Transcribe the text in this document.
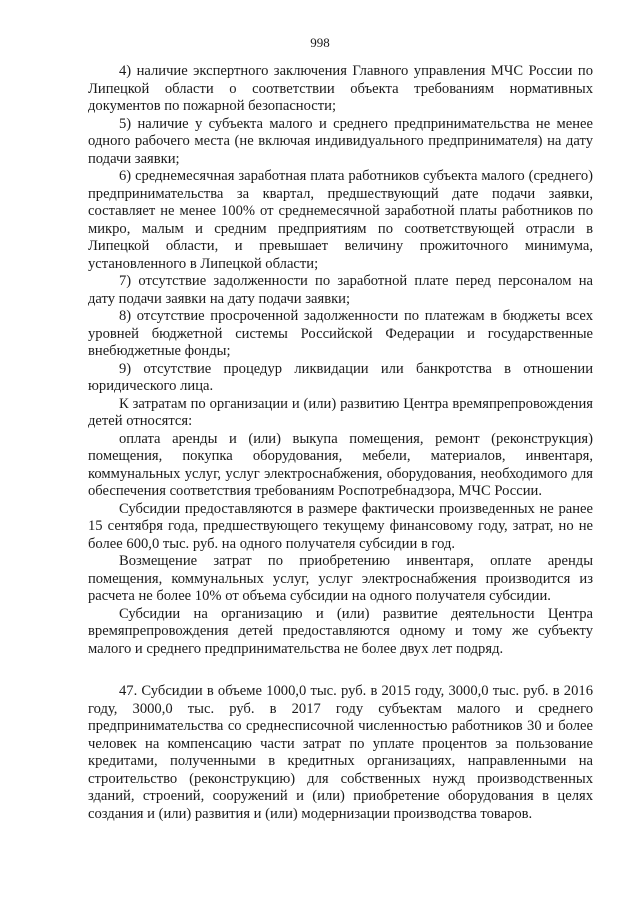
998

4) наличие экспертного заключения Главного управления МЧС России по Липецкой области о соответствии объекта требованиям нормативных документов по пожарной безопасности;

5) наличие у субъекта малого и среднего предпринимательства не менее одного рабочего места (не включая индивидуального предпринимателя) на дату подачи заявки;

6) среднемесячная заработная плата работников субъекта малого (среднего) предпринимательства за квартал, предшествующий дате подачи заявки, составляет не менее 100% от среднемесячной заработной платы работников по микро, малым и средним предприятиям по соответствующей отрасли в Липецкой области, и превышает величину прожиточного минимума, установленного в Липецкой области;

7) отсутствие задолженности по заработной плате перед персоналом на дату подачи заявки на дату подачи заявки;

8) отсутствие просроченной задолженности по платежам в бюджеты всех уровней бюджетной системы Российской Федерации и государственные внебюджетные фонды;

9) отсутствие процедур ликвидации или банкротства в отношении юридического лица.

К затратам по организации и (или) развитию Центра времяпрепровождения детей относятся:

оплата аренды и (или) выкупа помещения, ремонт (реконструкция) помещения, покупка оборудования, мебели, материалов, инвентаря, коммунальных услуг, услуг электроснабжения, оборудования, необходимого для обеспечения соответствия требованиям Роспотребнадзора, МЧС России.

Субсидии предоставляются в размере фактически произведенных не ранее 15 сентября года, предшествующего текущему финансовому году, затрат, но не более 600,0 тыс. руб. на одного получателя субсидии в год.

Возмещение затрат по приобретению инвентаря, оплате аренды помещения, коммунальных услуг, услуг электроснабжения производится из расчета не более 10% от объема субсидии на одного получателя субсидии.

Субсидии на организацию и (или) развитие деятельности Центра времяпрепровождения детей предоставляются одному и тому же субъекту малого и среднего предпринимательства не более двух лет подряд.

47. Субсидии в объеме 1000,0 тыс. руб. в 2015 году, 3000,0 тыс. руб. в 2016 году, 3000,0 тыс. руб. в 2017 году субъектам малого и среднего предпринимательства со среднесписочной численностью работников 30 и более человек на компенсацию части затрат по уплате процентов за пользование кредитами, полученными в кредитных организациях, направленными на строительство (реконструкцию) для собственных нужд производственных зданий, строений, сооружений и (или) приобретение оборудования в целях создания и (или) развития и (или) модернизации производства товаров.
